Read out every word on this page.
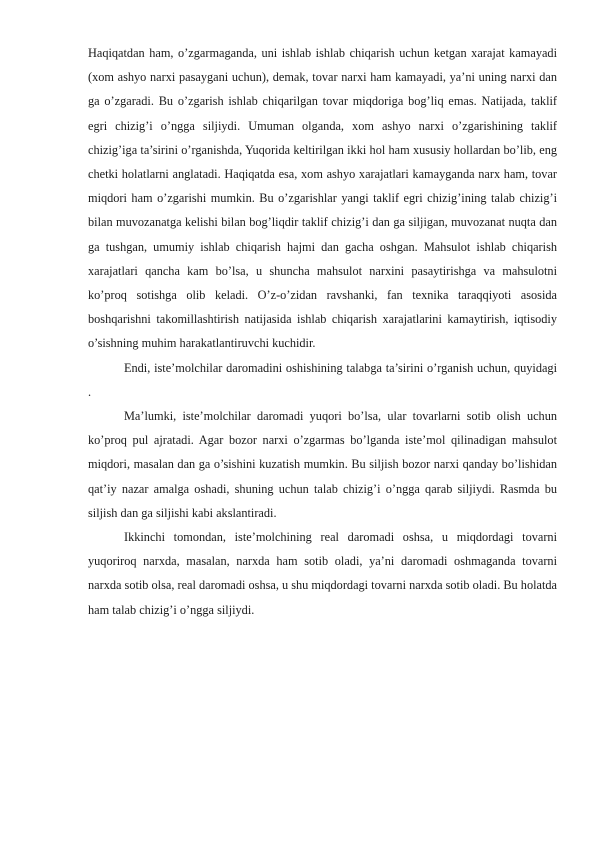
Haqiqatdan ham, o’zgarmaganda, uni ishlab ishlab chiqarish uchun ketgan xarajat kamayadi (xom ashyo narxi pasaygani uchun), demak, tovar narxi ham kamayadi, ya’ni uning narxi dan ga o’zgaradi. Bu o’zgarish ishlab chiqarilgan tovar miqdoriga bog’liq emas. Natijada, taklif egri chizig’i o’ngga siljiydi. Umuman olganda, xom ashyo narxi o’zgarishining taklif chizig’iga ta’sirini o’rganishda, Yuqorida keltirilgan ikki hol ham xususiy hollardan bo’lib, eng chetki holatlarni anglatadi. Haqiqatda esa, xom ashyo xarajatlari kamayganda narx ham, tovar miqdori ham o’zgarishi mumkin. Bu o’zgarishlar yangi taklif egri chizig’ining talab chizig’i bilan muvozanatga kelishi bilan bog’liqdir taklif chizig’i dan ga siljigan, muvozanat nuqta dan ga tushgan, umumiy ishlab chiqarish hajmi dan gacha oshgan. Mahsulot ishlab chiqarish xarajatlari qancha kam bo’lsa, u shuncha mahsulot narxini pasaytirishga va mahsulotni ko’proq sotishga olib keladi. O’z-o’zidan ravshanki, fan texnika taraqqiyoti asosida boshqarishni takomillashtirish natijasida ishlab chiqarish xarajatlarini kamaytirish, iqtisodiy o’sishning muhim harakatlantiruvchi kuchidir.

Endi, iste’molchilar daromadini oshishining talabga ta’sirini o’rganish uchun, quyidagi .

Ma’lumki, iste’molchilar daromadi yuqori bo’lsa, ular tovarlarni sotib olish uchun ko’proq pul ajratadi. Agar bozor narxi o’zgarmas bo’lganda iste’mol qilinadigan mahsulot miqdori, masalan dan ga o’sishini kuzatish mumkin. Bu siljish bozor narxi qanday bo’lishidan qat’iy nazar amalga oshadi, shuning uchun talab chizig’i o’ngga qarab siljiydi. Rasmda bu siljish dan ga siljishi kabi akslantiradi.

Ikkinchi tomondan, iste’molchining real daromadi oshsa, u miqdordagi tovarni yuqoriroq narxda, masalan, narxda ham sotib oladi, ya’ni daromadi oshmaganda tovarni narxda sotib olsa, real daromadi oshsa, u shu miqdordagi tovarni narxda sotib oladi. Bu holatda ham talab chizig’i o’ngga siljiydi.
